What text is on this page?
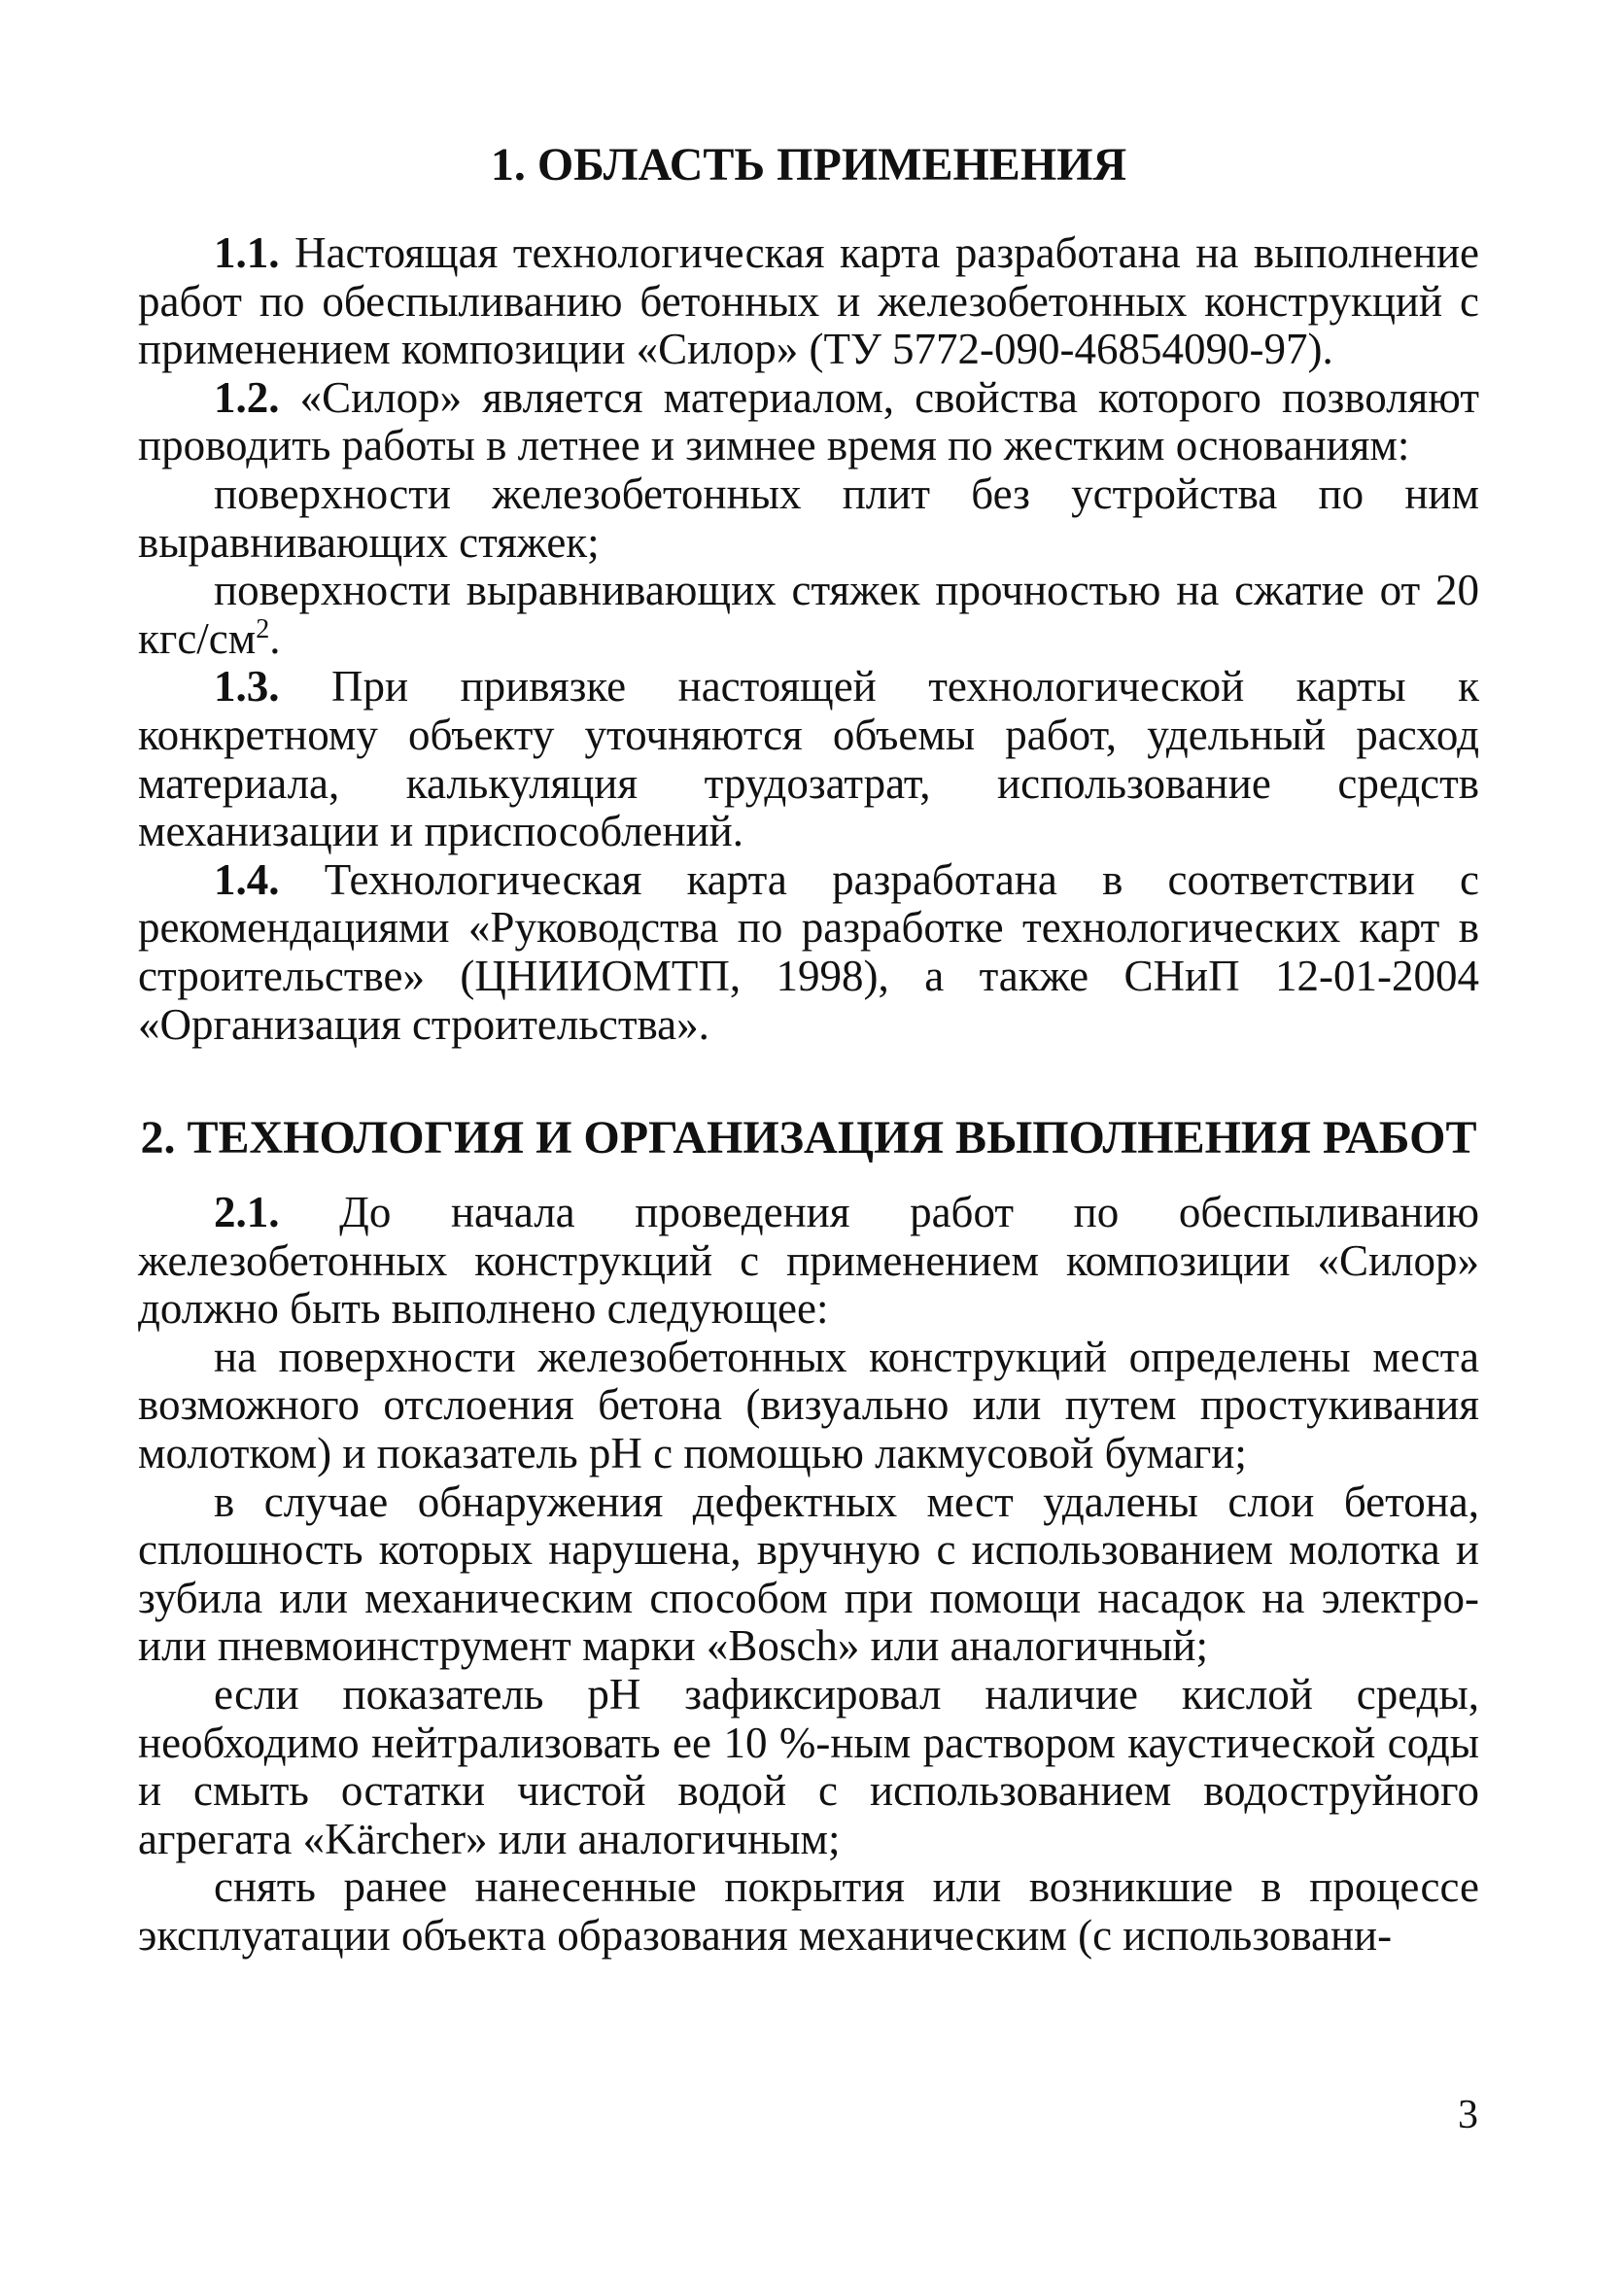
1. ОБЛАСТЬ ПРИМЕНЕНИЯ

1.1. Настоящая технологическая карта разработана на выполнение работ по обеспыливанию бетонных и железобетонных конструкций с применением композиции «Силор» (ТУ 5772-090-46854090-97).

1.2. «Силор» является материалом, свойства которого позволяют проводить работы в летнее и зимнее время по жестким основаниям:

поверхности железобетонных плит без устройства по ним выравнивающих стяжек;

поверхности выравнивающих стяжек прочностью на сжатие от 20 кгс/$см^2$.

1.3. При привязке настоящей технологической карты к конкретному объекту уточняются объемы работ, удельный расход материала, калькуляция трудозатрат, использование средств механизации и приспособлений.

1.4. Технологическая карта разработана в соответствии с рекомендациями «Руководства по разработке технологических карт в строительстве» (ЦНИИОМТП, 1998), а также СНиП 12-01-2004 «Организация строительства».

2. ТЕХНОЛОГИЯ И ОРГАНИЗАЦИЯ ВЫПОЛНЕНИЯ РАБОТ

2.1. До начала проведения работ по обеспыливанию железобетонных конструкций с применением композиции «Силор» должно быть выполнено следующее:

на поверхности железобетонных конструкций определены места возможного отслоения бетона (визуально или путем простукивания молотком) и показатель pH с помощью лакмусовой бумаги;

в случае обнаружения дефектных мест удалены слои бетона, сплошность которых нарушена, вручную с использованием молотка и зубила или механическим способом при помощи насадок на электро- или пневмоинструмент марки «Bosch» или аналогичный;

если показатель pH зафиксировал наличие кислой среды, необходимо нейтрализовать ее 10 %-ным раствором каустической соды и смыть остатки чистой водой с использованием водоструйного агрегата «Kärcher» или аналогичным;

снять ранее нанесенные покрытия или возникшие в процессе эксплуатации объекта образования механическим (с использовани-

3
